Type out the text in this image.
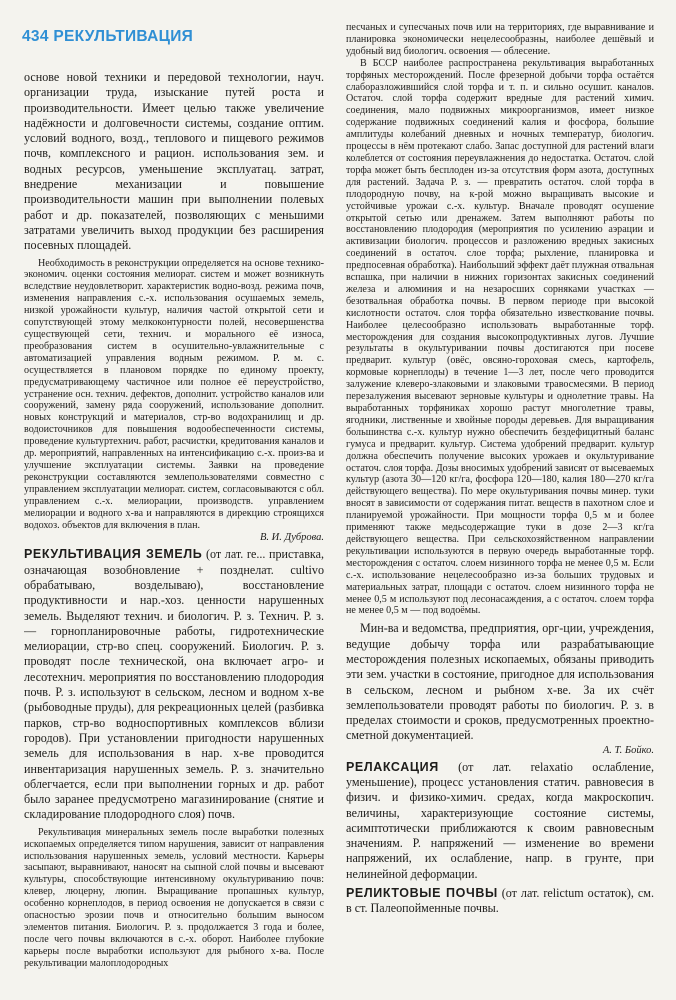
434 РЕКУЛЬТИВАЦИЯ

основе новой техники и передовой технологии, науч. организации труда, изыскание путей роста и производительности. Имеет целью также увеличение надёжности и долговечности системы, создание оптим. условий водного, возд., теплового и пищевого режимов почв, комплексного и рацион. использования зем. и водных ресурсов, уменьшение эксплуатац. затрат, внедрение механизации и повышение производительности машин при выполнении полевых работ и др. показателей, позволяющих с меньшими затратами увеличить выход продукции без расширения посевных площадей.

Необходимость в реконструкции определяется на основе технико-экономич. оценки состояния мелиорат. систем и может возникнуть вследствие неудовлетворит. характеристик водно-возд. режима почв, изменения направления с.-х. использования осушаемых земель, низкой урожайности культур, наличия частой открытой сети и сопутствующей этому мелкоконтурности полей, несовершенства существующей сети, технич. и морального её износа, преобразования систем в осушительно-увлажнительные с автоматизацией управления водным режимом. Р. м. с. осуществляется в плановом порядке по единому проекту, предусматривающему частичное или полное её переустройство, устранение осн. технич. дефектов, дополнит. устройство каналов или сооружений, замену ряда сооружений, использование дополнит. новых конструкций и материалов, стр-во водохранилищ и др. водоисточников для повышения водообеспеченности системы, проведение культуртехнич. работ, расчистки, кредитования каналов и др. мероприятий, направленных на интенсификацию с.-х. произ-ва и улучшение эксплуатации системы. Заявки на проведение реконструкции составляются землепользователями совместно с управлением эксплуатации мелиорат. систем, согласовываются с обл. управлением с.-х. мелиорации, производств. управлением мелиорации и водного х-ва и направляются в дирекцию строящихся водохоз. объектов для включения в план.

В. И. Дуброва.

РЕКУЛЬТИВАЦИЯ ЗЕМЕЛЬ (от лат. re... приставка, означающая возобновление + позднелат. cultivo обрабатываю, возделываю), восстановление продуктивности и нар.-хоз. ценности нарушенных земель. Выделяют технич. и биологич. Р. з. Технич. Р. з. — горнопланировочные работы, гидротехнические мелиорации, стр-во спец. сооружений. Биологич. Р. з. проводят после технической, она включает агро- и лесотехнич. мероприятия по восстановлению плодородия почв. Р. з. используют в сельском, лесном и водном х-ве (рыбоводные пруды), для рекреационных целей (разбивка парков, стр-во водноспортивных комплексов вблизи городов). При установлении пригодности нарушенных земель для использования в нар. х-ве проводится инвентаризация нарушенных земель. Р. з. значительно облегчается, если при выполнении горных и др. работ было заранее предусмотрено магазинирование (снятие и складирование плодородного слоя) почв.

Рекультивация минеральных земель после выработки полезных ископаемых определяется типом нарушения, зависит от направления использования нарушенных земель, условий местности. Карьеры засыпают, выравнивают, наносят на сыпной слой почвы и высевают культуры, способствующие интенсивному окультуриванию почв: клевер, люцерну, люпин. Выращивание пропашных культур, особенно корнеплодов, в период освоения не допускается в связи с опасностью эрозии почв и относительно большим выносом элементов питания. Биологич. Р. з. продолжается 3 года и более, после чего почвы включаются в с.-х. оборот. Наиболее глубокие карьеры после выработки используют для рыбного х-ва. После рекультивации малоплодородных

песчаных и супесчаных почв или на территориях, где выравнивание и планировка экономически нецелесообразны, наиболее дешёвый и удобный вид биологич. освоения — облесение.

В БССР наиболее распространена рекультивация выработанных торфяных месторождений. После фрезерной добычи торфа остаётся слаборазложившийся слой торфа и т. п. и сильно осушит. каналов. Остаточ. слой торфа содержит вредные для растений химич. соединения, мало подвижных микроорганизмов, имеет низкое содержание подвижных соединений калия и фосфора, большие амплитуды колебаний дневных и ночных температур, биологич. процессы в нём протекают слабо. Запас доступной для растений влаги колеблется от состояния переувлажнения до недостатка. Остаточ. слой торфа может быть бесплоден из-за отсутствия форм азота, доступных для растений. Задача Р. з. — превратить остаточ. слой торфа в плодородную почву, на к-рой можно выращивать высокие и устойчивые урожаи с.-х. культур. Вначале проводят осушение открытой сетью или дренажем. Затем выполняют работы по восстановлению плодородия (мероприятия по усилению аэрации и активизации биологич. процессов и разложению вредных закисных соединений в остаточ. слое торфа; рыхление, планировка и предпосевная обработка). Наибольший эффект даёт плужная отвальная вспашка, при наличии в нижних горизонтах закисных соединений железа и алюминия и на незаросших сорняками участках — безотвальная обработка почвы. В первом периоде при высокой кислотности остаточ. слоя торфа обязательно известкование почвы. Наиболее целесообразно использовать выработанные торф. месторождения для создания высокопродуктивных лугов. Лучшие результаты в окультуривании почвы достигаются при посеве предварит. культур (овёс, овсяно-гороховая смесь, картофель, кормовые корнеплоды) в течение 1—3 лет, после чего проводится залужение клеверо-злаковыми и злаковыми травосмесями. В период перезалужения высевают зерновые культуры и однолетние травы. На выработанных торфяниках хорошо растут многолетние травы, ягодники, лиственные и хвойные породы деревьев. Для выращивания большинства с.-х. культур нужно обеспечить бездефицитный баланс гумуса и предварит. культур. Система удобрений предварит. культур должна обеспечить получение высоких урожаев и окультуривание остаточ. слоя торфа. Дозы вносимых удобрений зависят от высеваемых культур (азота 30—120 кг/га, фосфора 120—180, калия 180—270 кг/га действующего вещества). По мере окультуривания почвы минер. туки вносят в зависимости от содержания питат. веществ в пахотном слое и планируемой урожайности. При мощности торфа 0,5 м и более применяют также медьсодержащие туки в дозе 2—3 кг/га действующего вещества. При сельскохозяйственном направлении рекультивации используются в первую очередь выработанные торф. месторождения с остаточ. слоем низинного торфа не менее 0,5 м. Если с.-х. использование нецелесообразно из-за больших трудовых и материальных затрат, площади с остаточ. слоем низинного торфа не менее 0,5 м используют под лесонасаждения, а с остаточ. слоем торфа не менее 0,5 м — под водоёмы.

Мин-ва и ведомства, предприятия, орг-ции, учреждения, ведущие добычу торфа или разрабатывающие месторождения полезных ископаемых, обязаны приводить эти зем. участки в состояние, пригодное для использования в сельском, лесном и рыбном х-ве. За их счёт землепользователи проводят работы по биологич. Р. з. в пределах стоимости и сроков, предусмотренных проектно-сметной документацией.

А. Т. Бойко.

РЕЛАКСАЦИЯ (от лат. relaxatio ослабление, уменьшение), процесс установления статич. равновесия в физич. и физико-химич. средах, когда макроскопич. величины, характеризующие состояние системы, асимптотически приближаются к своим равновесным значениям. Р. напряжений — изменение во времени напряжений, их ослабление, напр. в грунте, при нелинейной деформации.

РЕЛИКТОВЫЕ ПОЧВЫ (от лат. relictum остаток), см. в ст. Палеопойменные почвы.
